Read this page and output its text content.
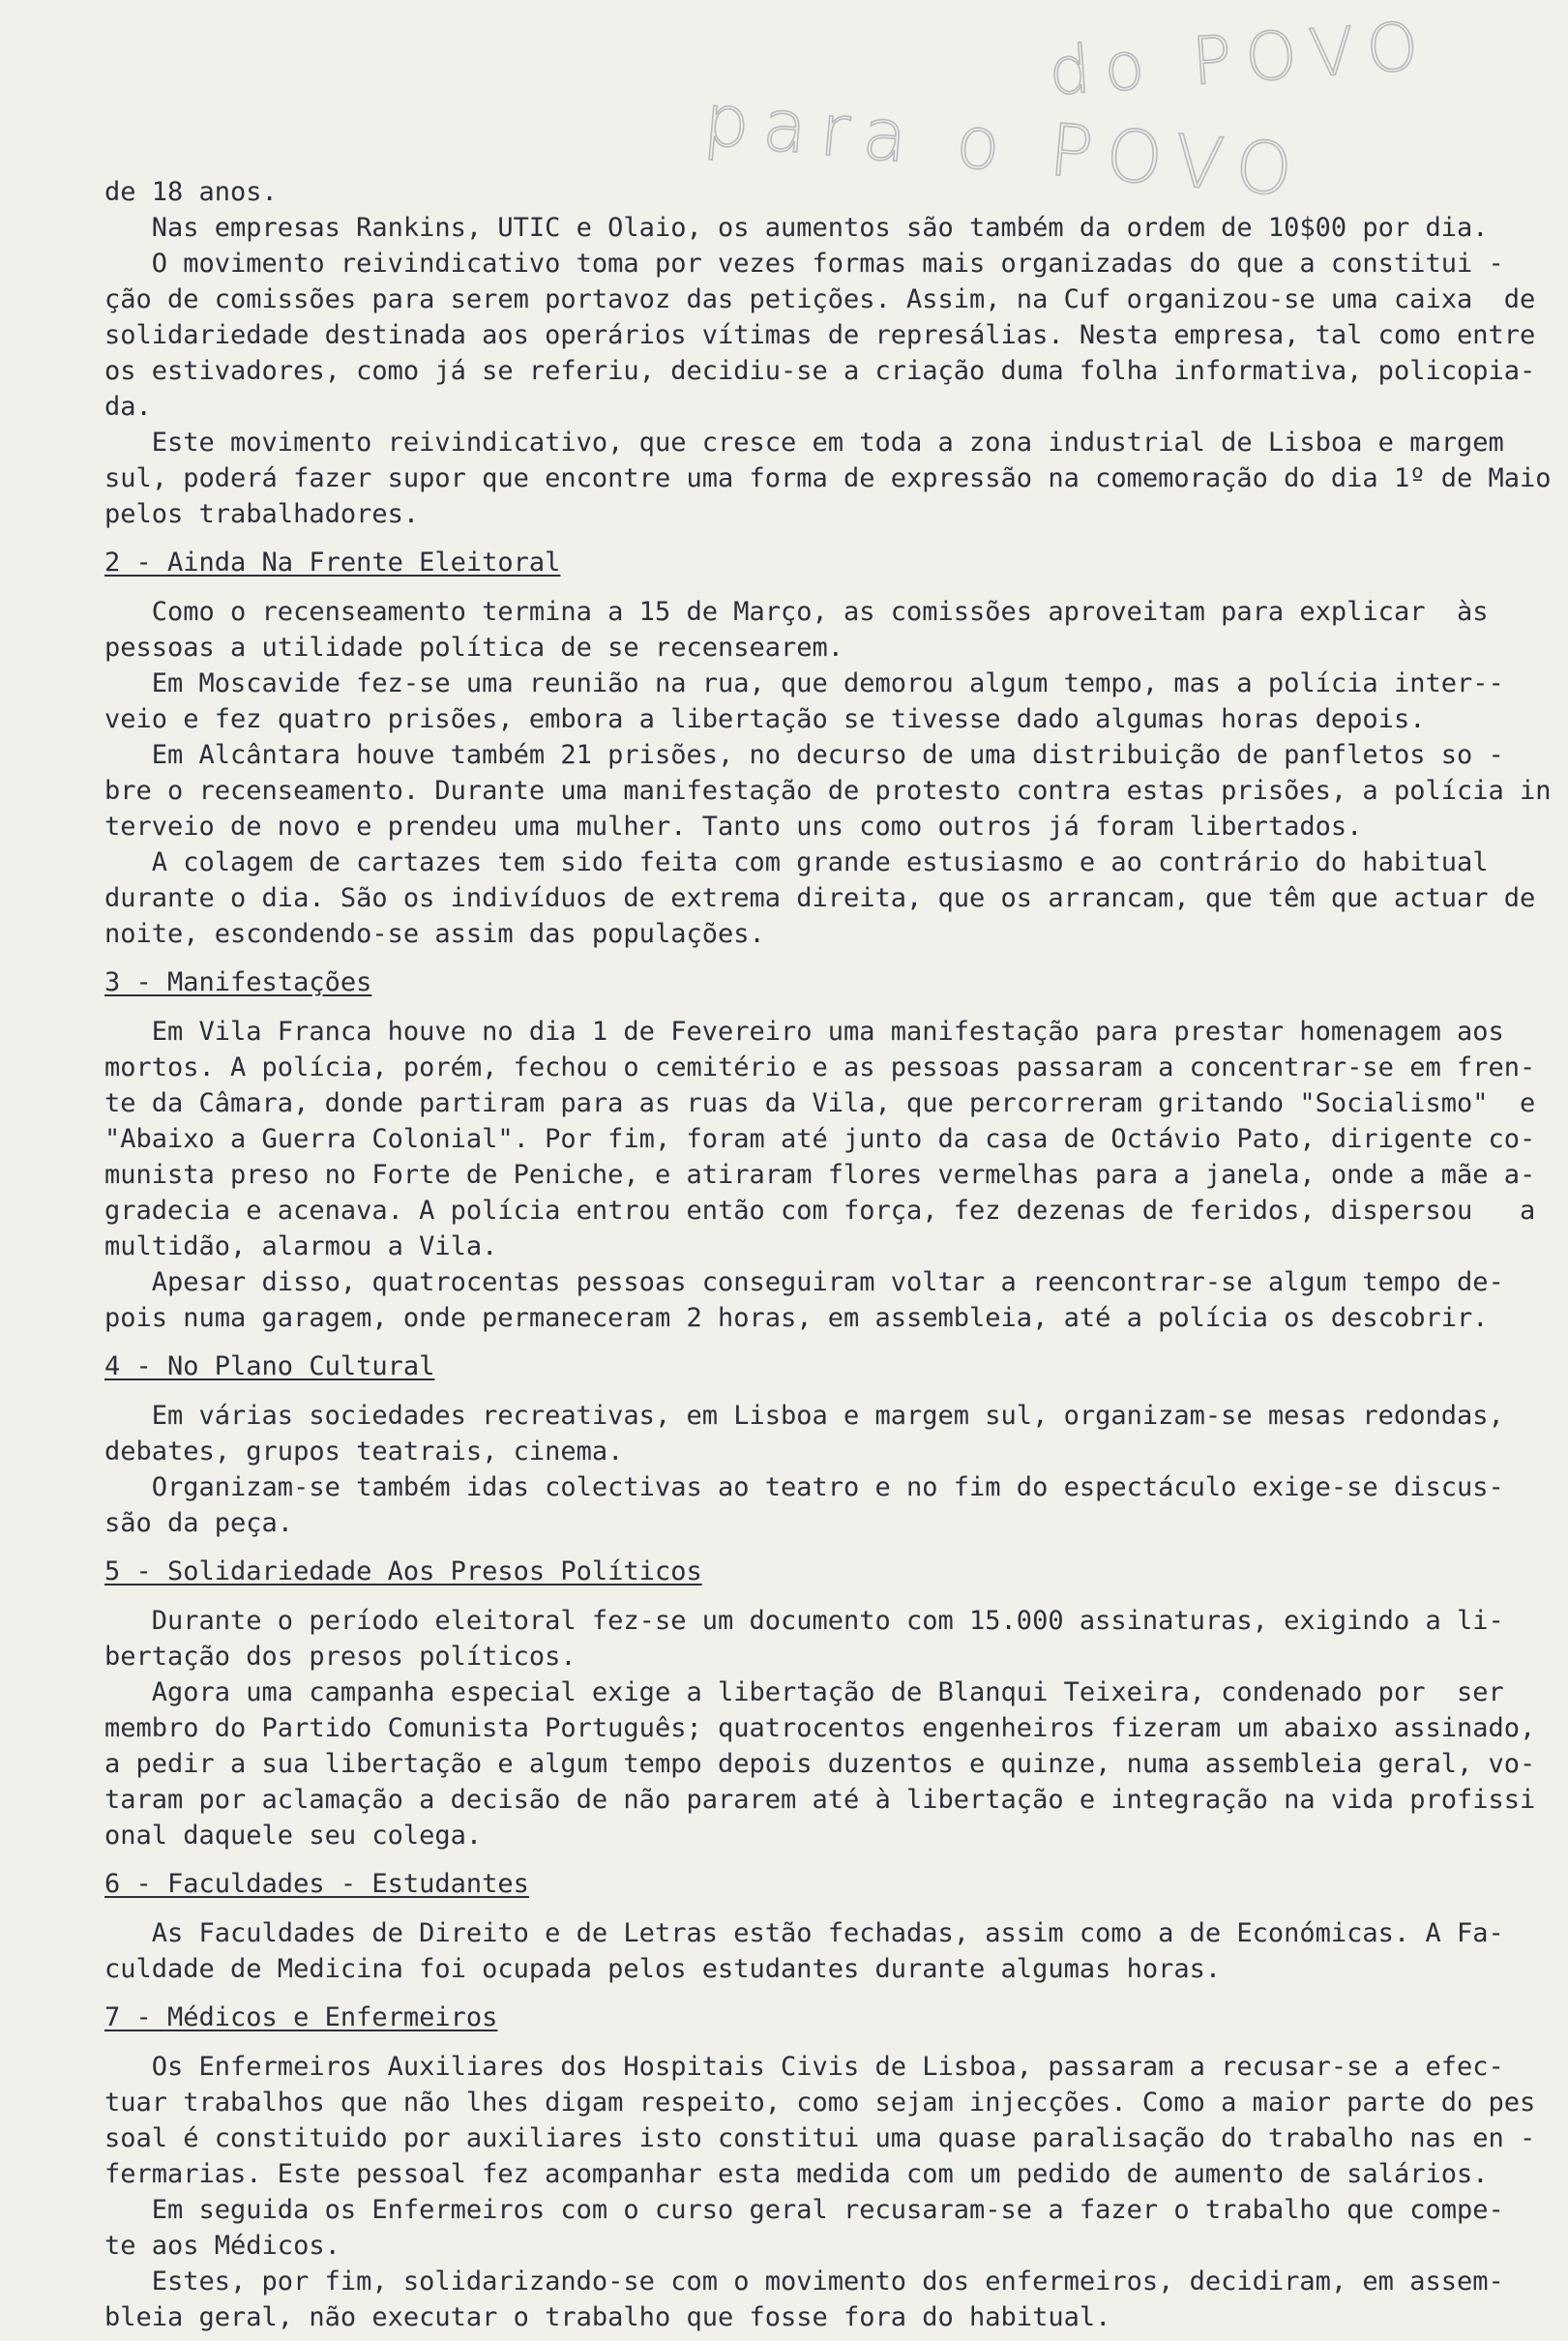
do POVO
para o POVO

de 18 anos.

Nas empresas Rankins, UTIC e Olaio, os aumentos são também da ordem de 10$00 por dia.

O movimento reivindicativo toma por vezes formas mais organizadas do que a constitui -

ção de comissões para serem portavoz das petições. Assim, na Cuf organizou-se uma caixa  de

solidariedade destinada aos operários vítimas de represálias. Nesta empresa, tal como entre

os estivadores, como já se referiu, decidiu-se a criação duma folha informativa, policopia-

da.

Este movimento reivindicativo, que cresce em toda a zona industrial de Lisboa e margem

sul, poderá fazer supor que encontre uma forma de expressão na comemoração do dia 1º de Maio

pelos trabalhadores.

2 - Ainda Na Frente Eleitoral

Como o recenseamento termina a 15 de Março, as comissões aproveitam para explicar  às

pessoas a utilidade política de se recensearem.

Em Moscavide fez-se uma reunião na rua, que demorou algum tempo, mas a polícia inter--

veio e fez quatro prisões, embora a libertação se tivesse dado algumas horas depois.

Em Alcântara houve também 21 prisões, no decurso de uma distribuição de panfletos so -

bre o recenseamento. Durante uma manifestação de protesto contra estas prisões, a polícia in

terveio de novo e prendeu uma mulher. Tanto uns como outros já foram libertados.

A colagem de cartazes tem sido feita com grande estusiasmo e ao contrário do habitual

durante o dia. São os indivíduos de extrema direita, que os arrancam, que têm que actuar de

noite, escondendo-se assim das populações.

3 - Manifestações

Em Vila Franca houve no dia 1 de Fevereiro uma manifestação para prestar homenagem aos

mortos. A polícia, porém, fechou o cemitério e as pessoas passaram a concentrar-se em fren-

te da Câmara, donde partiram para as ruas da Vila, que percorreram gritando "Socialismo"  e

"Abaixo a Guerra Colonial". Por fim, foram até junto da casa de Octávio Pato, dirigente co-

munista preso no Forte de Peniche, e atiraram flores vermelhas para a janela, onde a mãe a-

gradecia e acenava. A polícia entrou então com força, fez dezenas de feridos, dispersou   a

multidão, alarmou a Vila.

Apesar disso, quatrocentas pessoas conseguiram voltar a reencontrar-se algum tempo de-

pois numa garagem, onde permaneceram 2 horas, em assembleia, até a polícia os descobrir.

4 - No Plano Cultural

Em várias sociedades recreativas, em Lisboa e margem sul, organizam-se mesas redondas,

debates, grupos teatrais, cinema.

Organizam-se também idas colectivas ao teatro e no fim do espectáculo exige-se discus-

são da peça.

5 - Solidariedade Aos Presos Políticos

Durante o período eleitoral fez-se um documento com 15.000 assinaturas, exigindo a li-

bertação dos presos políticos.

Agora uma campanha especial exige a libertação de Blanqui Teixeira, condenado por  ser

membro do Partido Comunista Português; quatrocentos engenheiros fizeram um abaixo assinado,

a pedir a sua libertação e algum tempo depois duzentos e quinze, numa assembleia geral, vo-

taram por aclamação a decisão de não pararem até à libertação e integração na vida profissi

onal daquele seu colega.

6 - Faculdades - Estudantes

As Faculdades de Direito e de Letras estão fechadas, assim como a de Económicas. A Fa-

culdade de Medicina foi ocupada pelos estudantes durante algumas horas.

7 - Médicos e Enfermeiros

Os Enfermeiros Auxiliares dos Hospitais Civis de Lisboa, passaram a recusar-se a efec-

tuar trabalhos que não lhes digam respeito, como sejam injecções. Como a maior parte do pes

soal é constituido por auxiliares isto constitui uma quase paralisação do trabalho nas en -

fermarias. Este pessoal fez acompanhar esta medida com um pedido de aumento de salários.

Em seguida os Enfermeiros com o curso geral recusaram-se a fazer o trabalho que compe-

te aos Médicos.

Estes, por fim, solidarizando-se com o movimento dos enfermeiros, decidiram, em assem-

bleia geral, não executar o trabalho que fosse fora do habitual.
